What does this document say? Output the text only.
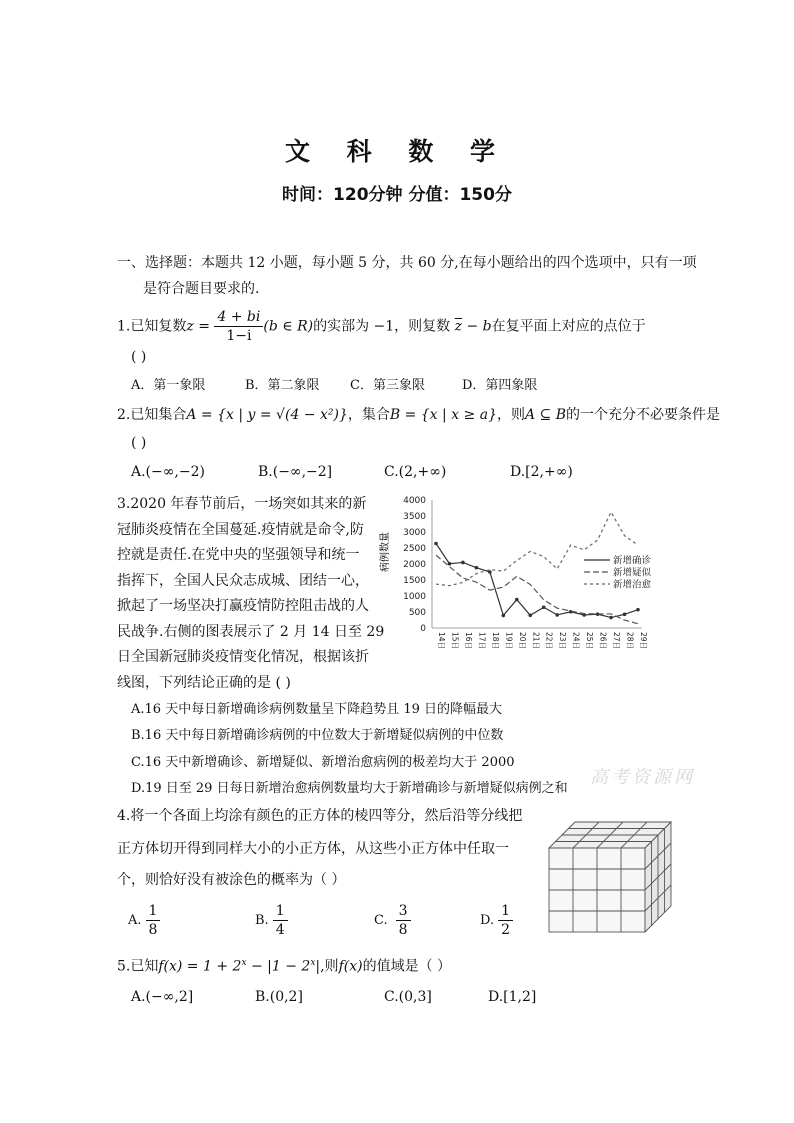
文 科 数 学
时间：120分钟 分值：150分
一、选择题：本题共 12 小题，每小题 5 分，共 60 分,在每小题给出的四个选项中，只有一项
是符合题目要求的.
1.已知复数$z = \frac{4 + bi}{1-i} (b$ ∈ R)的实部为 −1，则复数 $\overline{z} - b$在复平面上对应的点位于
( )
A．第一象限	B．第二象限 C．第三象限	D．第四象限
2.已知集合A = {x | y = √(4 − x²)}，集合B = {x | x ≥ a}，则A ⊆ B的一个充分不必要条件是
( )
A.(−∞,−2)	B.(−∞,−2]	C.(2,+∞)	D.[2,+∞)
3.2020 年春节前后，一场突如其来的新
冠肺炎疫情在全国蔓延.疫情就是命令,防
控就是责任.在党中央的坚强领导和统一
指挥下，全国人民众志成城、团结一心，
掀起了一场坚决打赢疫情防控阻击战的人
民战争.右侧的图表展示了 2 月 14 日至 29
日全国新冠肺炎疫情变化情况，根据该折
线图，下列结论正确的是 ( )
0
500
1000
1500
2000
2500
3000
3500
4000
14日 15日 16日 17日 18日 19日 20日 21日 22日 23日 24日 25日 26日 27日 28日 29日
病例数量	新增确诊
新增疑似
新增治愈
A.16 天中每日新增确诊病例数量呈下降趋势且 19 日的降幅最大
B.16 天中每日新增确诊病例的中位数大于新增疑似病例的中位数
C.16 天中新增确诊、新增疑似、新增治愈病例的极差均大于 2000
D.19 日至 29 日每日新增治愈病例数量均大于新增确诊与新增疑似病例之和
高考资源网
4.将一个各面上均涂有颜色的正方体的棱四等分，然后沿等分线把
正方体切开得到同样大小的小正方体，从这些小正方体中任取一
个，则恰好没有被涂色的概率为（ ）
A. $\frac{1}{8}$	B. $\frac{1}{4}$	C. $\frac{3}{8}$	D. $\frac{1}{2}$
5.已知$f(x) = 1 + 2^x - |1 - 2^x|$,则f(x)的值域是（ ）
A.(−∞,2]	B.(0,2]	C.(0,3]	D.[1,2]
